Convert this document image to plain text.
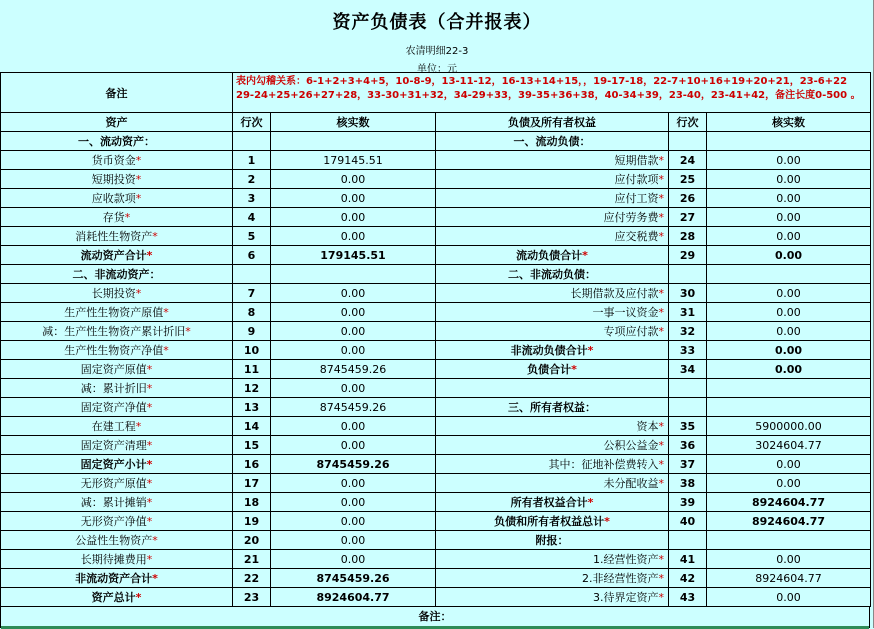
资产负债表（合并报表）
农清明细22-3
单位：元
备注	表内勾稽关系：6-1+2+3+4+5，10-8-9，13-11-12，16-13+14+15，，19-17-18，22-7+10+16+19+20+21，23-6+22 29-24+25+26+27+28，33-30+31+32，34-29+33，39-35+36+38，40-34+39，23-40，23-41+42，备注长度0-500 。				
资产	行次	核实数	负债及所有者权益	行次	核实数
一、流动资产：			一、流动负债：		
货币资金*	1	179145.51	短期借款*	24	0.00
短期投资*	2	0.00	应付款项*	25	0.00
应收款项*	3	0.00	应付工资*	26	0.00
存货*	4	0.00	应付劳务费*	27	0.00
消耗性生物资产*	5	0.00	应交税费*	28	0.00
流动资产合计*	6	179145.51	流动负债合计*	29	0.00
二、非流动资产：			二、非流动负债：		
长期投资*	7	0.00	长期借款及应付款*	30	0.00
生产性生物资产原值*	8	0.00	一事一议资金*	31	0.00
减：生产性生物资产累计折旧*	9	0.00	专项应付款*	32	0.00
生产性生物资产净值*	10	0.00	非流动负债合计*	33	0.00
固定资产原值*	11	8745459.26	负债合计*	34	0.00
减：累计折旧*	12	0.00			
固定资产净值*	13	8745459.26	三、所有者权益：		
在建工程*	14	0.00	资本*	35	5900000.00
固定资产清理*	15	0.00	公积公益金*	36	3024604.77
固定资产小计*	16	8745459.26	其中：征地补偿费转入*	37	0.00
无形资产原值*	17	0.00	未分配收益*	38	0.00
减：累计摊销*	18	0.00	所有者权益合计*	39	8924604.77
无形资产净值*	19	0.00	负债和所有者权益总计*	40	8924604.77
公益性生物资产*	20	0.00	附报：		
长期待摊费用*	21	0.00	1.经营性资产*	41	0.00
非流动资产合计*	22	8745459.26	2.非经营性资产*	42	8924604.77
资产总计*	23	8924604.77	3.待界定资产*	43	0.00
备注：
